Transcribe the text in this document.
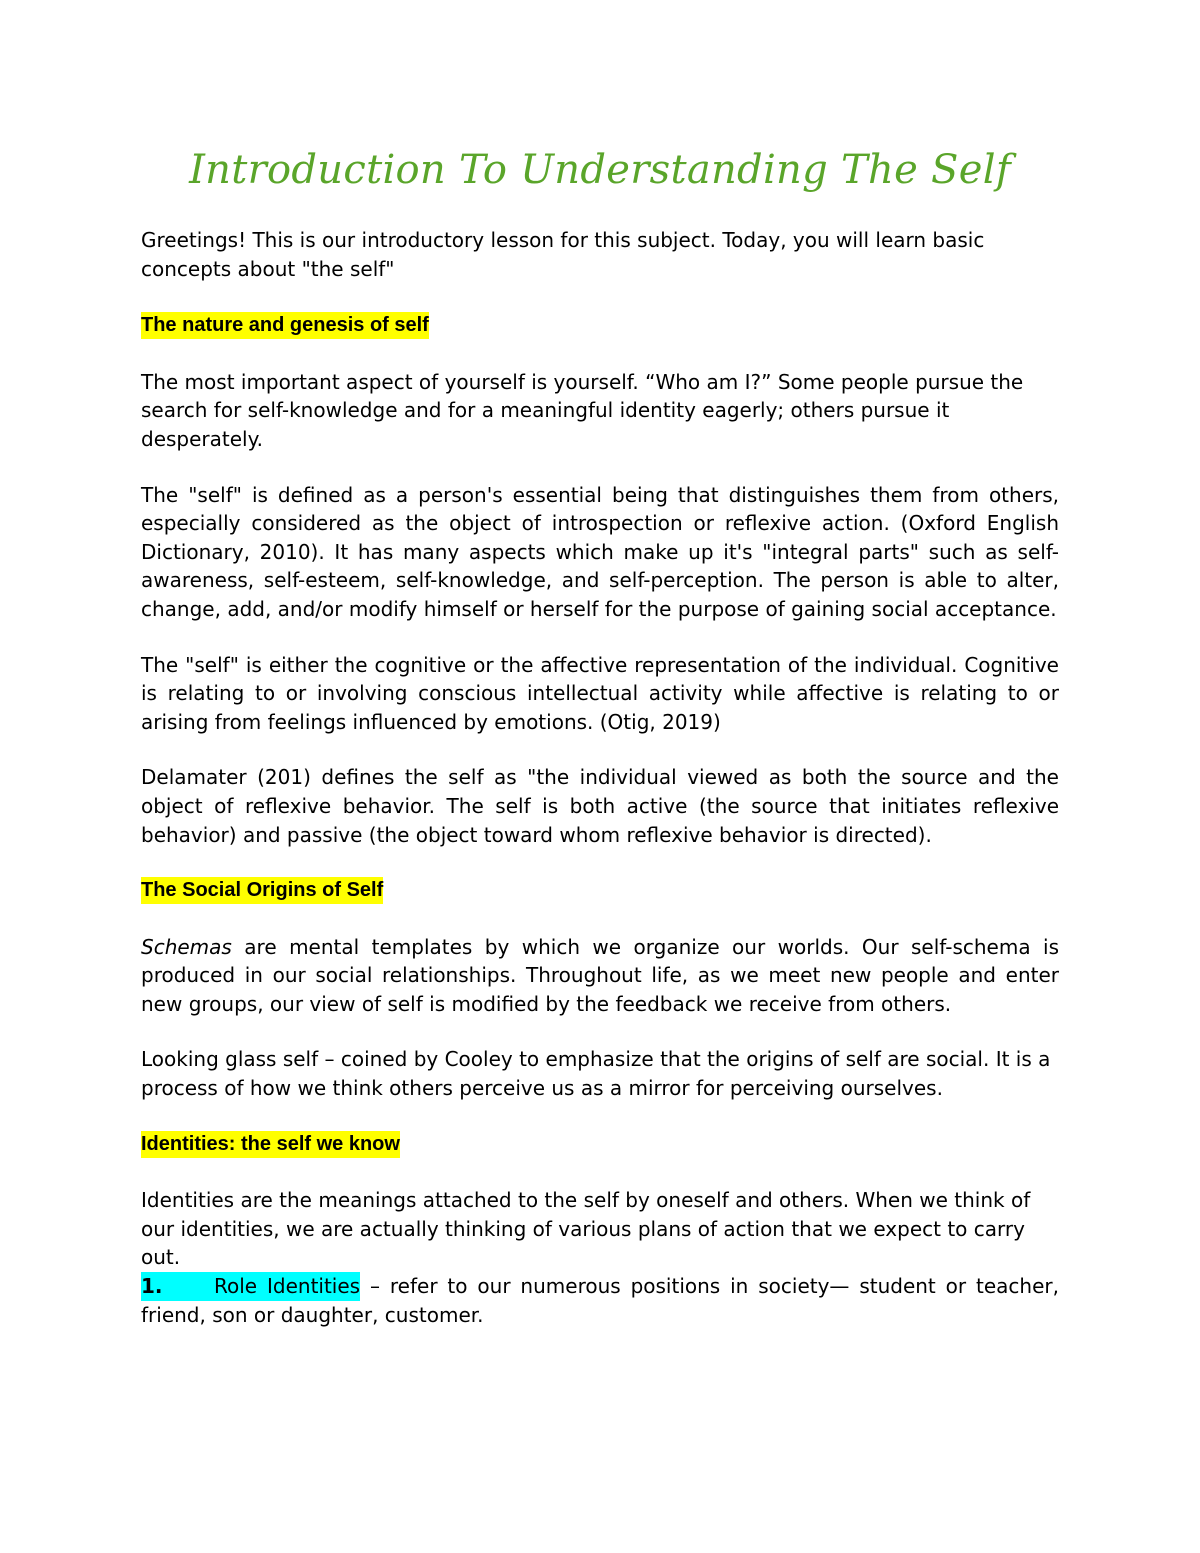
Introduction To Understanding The Self

Greetings! This is our introductory lesson for this subject. Today, you will learn basic concepts about "the self"

The nature and genesis of self

The most important aspect of yourself is yourself. “Who am I?” Some people pursue the search for self-knowledge and for a meaningful identity eagerly; others pursue it desperately.

The "self" is defined as a person's essential being that distinguishes them from others, especially considered as the object of introspection or reflexive action. (Oxford English Dictionary, 2010). It has many aspects which make up it's "integral parts" such as self-awareness, self-esteem, self-knowledge, and self-perception. The person is able to alter, change, add, and/or modify himself or herself for the purpose of gaining social acceptance.

The "self" is either the cognitive or the affective representation of the individual. Cognitive is relating to or involving conscious intellectual activity while affective is relating to or arising from feelings influenced by emotions. (Otig, 2019)

Delamater (201) defines the self as "the individual viewed as both the source and the object of reflexive behavior. The self is both active (the source that initiates reflexive behavior) and passive (the object toward whom reflexive behavior is directed).

The Social Origins of Self

Schemas are mental templates by which we organize our worlds. Our self-schema is produced in our social relationships. Throughout life, as we meet new people and enter new groups, our view of self is modified by the feedback we receive from others.

Looking glass self – coined by Cooley to emphasize that the origins of self are social. It is a process of how we think others perceive us as a mirror for perceiving ourselves.

Identities: the self we know

Identities are the meanings attached to the self by oneself and others. When we think of our identities, we are actually thinking of various plans of action that we expect to carry out.

1.	Role Identities – refer to our numerous positions in society— student or teacher, friend, son or daughter, customer.
